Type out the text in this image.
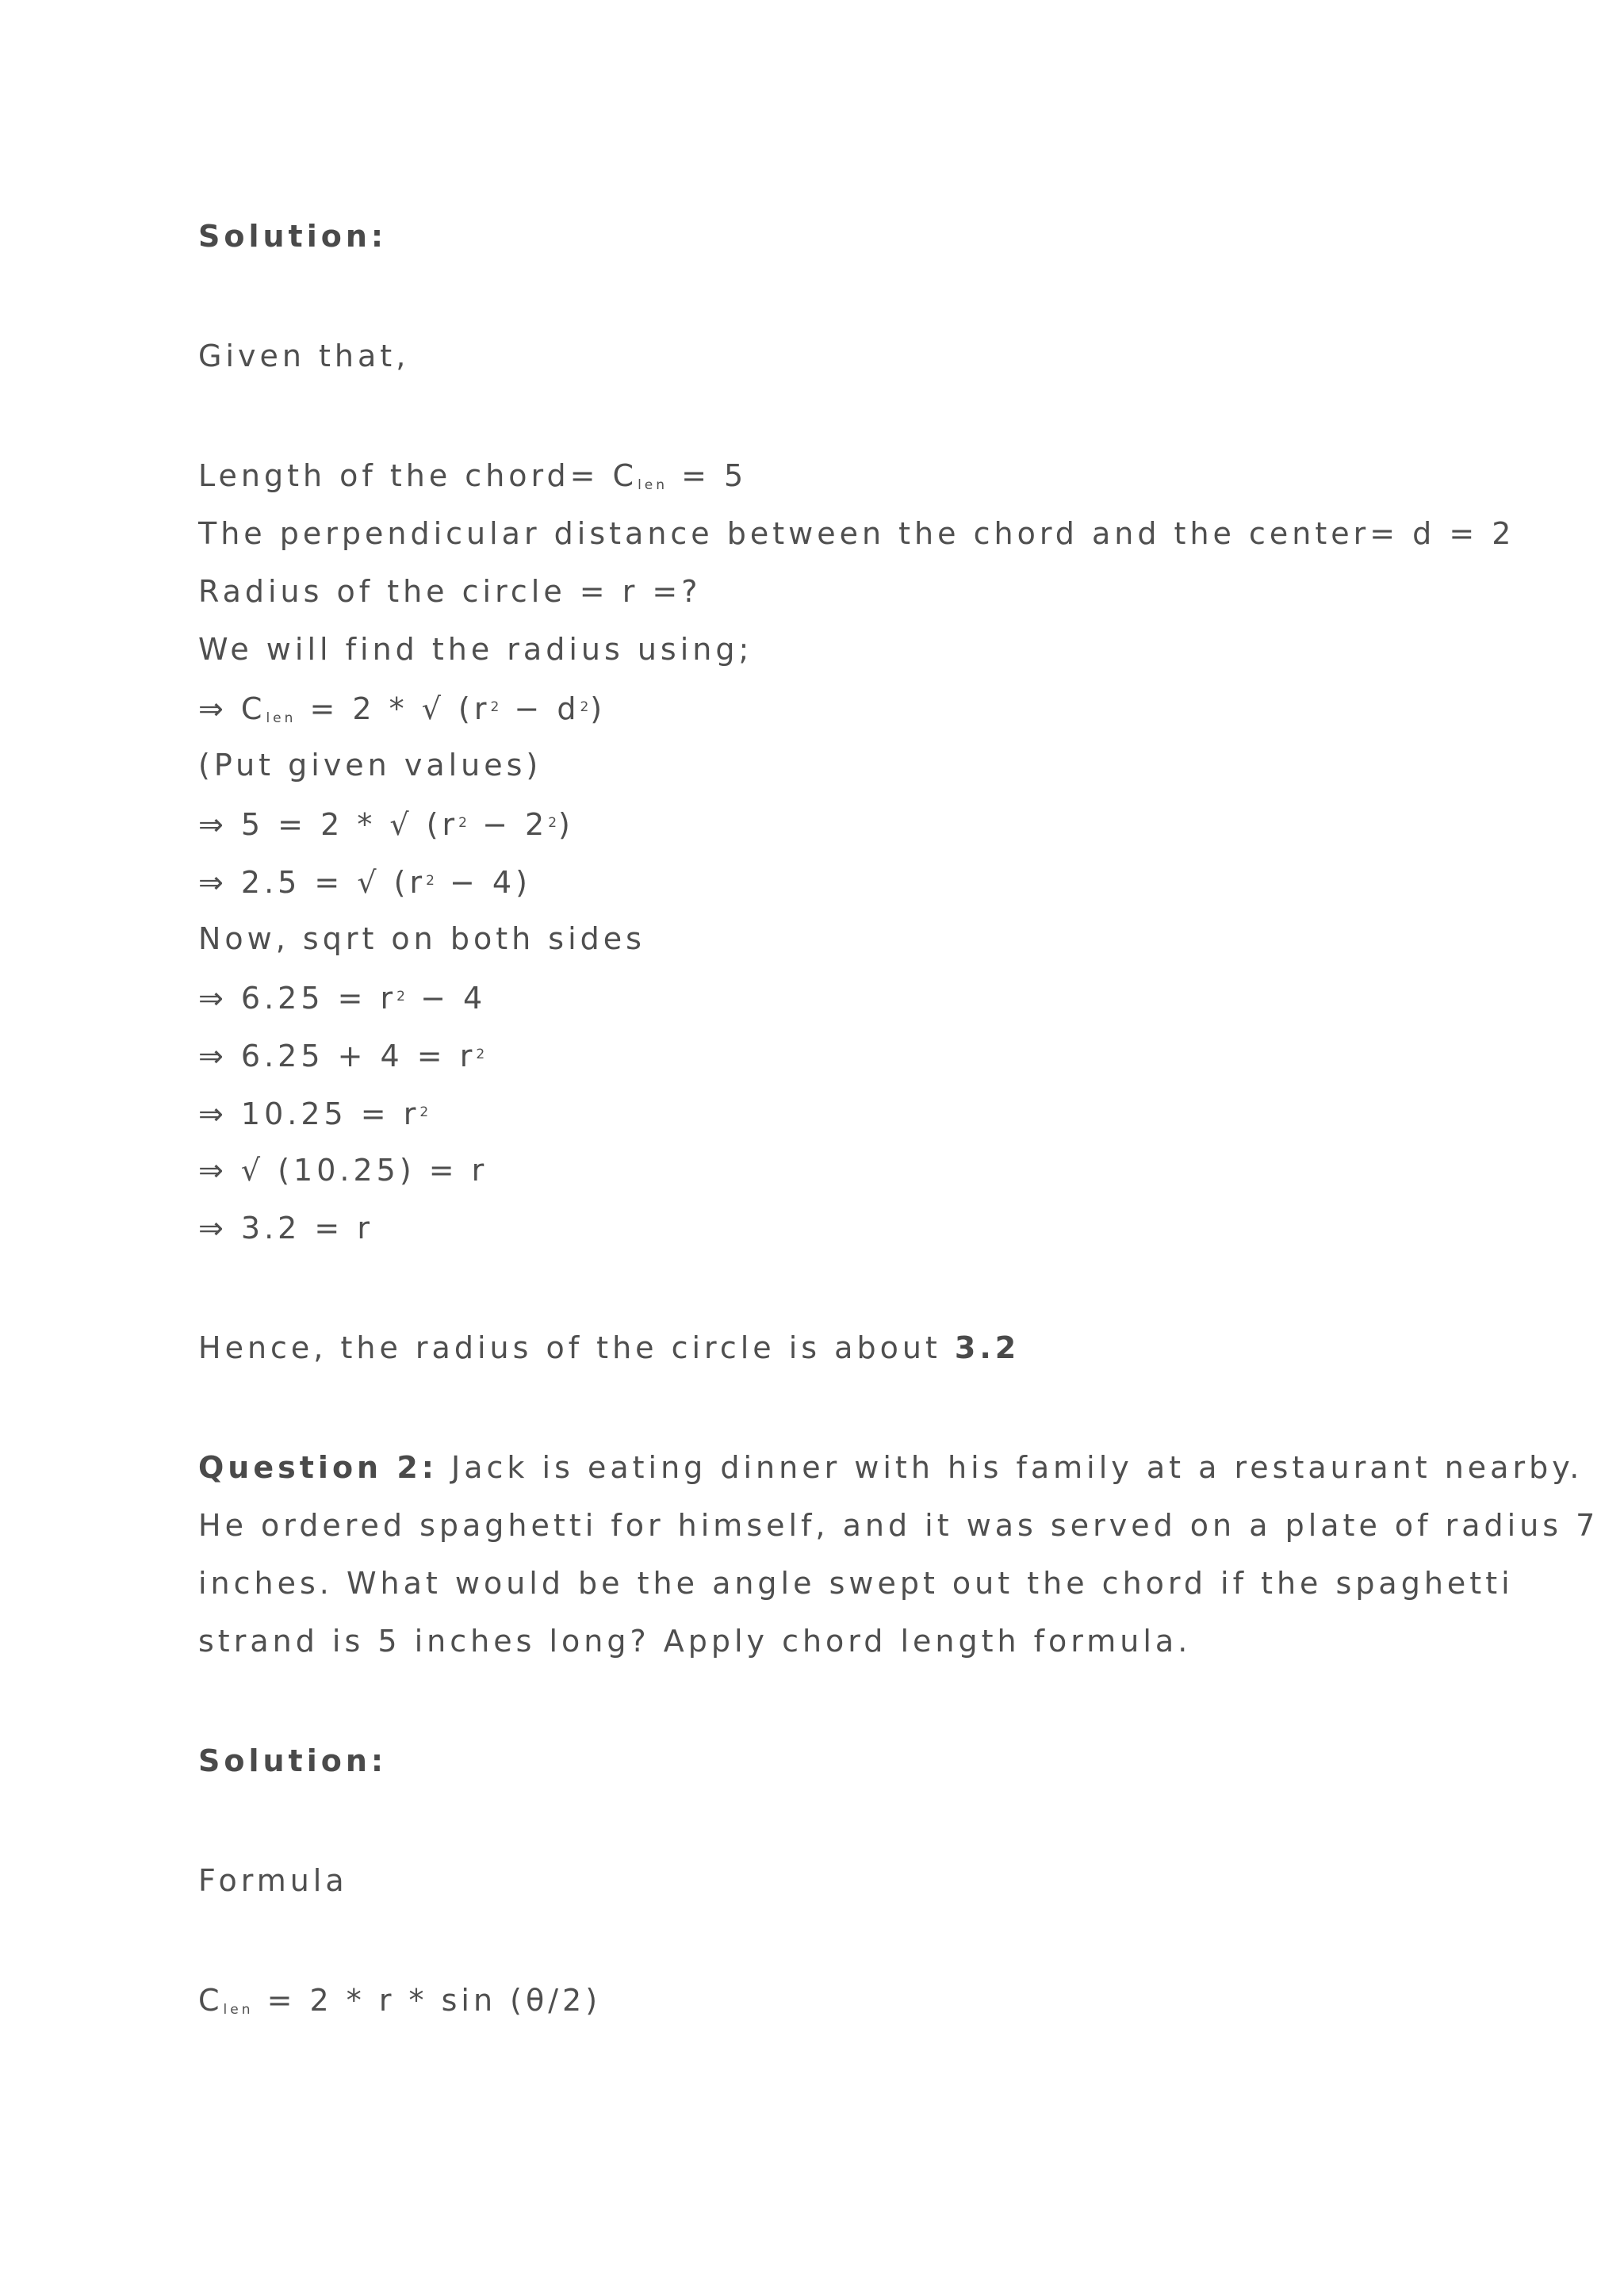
Solution:
Given that,
Length of the chord= $C_{len} = 5$
The perpendicular distance between the chord and the center= d = 2
Radius of the circle = r =?
We will find the radius using;
⇒ $C_{len} = 2$ * √ $(r^2 - d^2)$
(Put given values)
⇒ 5 = 2 * √ $(r^2 - 2^2)$
⇒ 2.5 = √ $(r^2 - 4)$
Now, sqrt on both sides
⇒ $6.25 = r^2 - 4$
⇒ $6.25 + 4 = r^2$
⇒ $10.25 = r^2$
⇒ √ (10.25) = r
⇒ 3.2 = r
Hence, the radius of the circle is about 3.2
Question 2: Jack is eating dinner with his family at a restaurant nearby.
He ordered spaghetti for himself, and it was served on a plate of radius 7
inches. What would be the angle swept out the chord if the spaghetti
strand is 5 inches long? Apply chord length formula.
Solution:
Formula
$C_{len} = 2 * r * \sin (\theta/2)$
